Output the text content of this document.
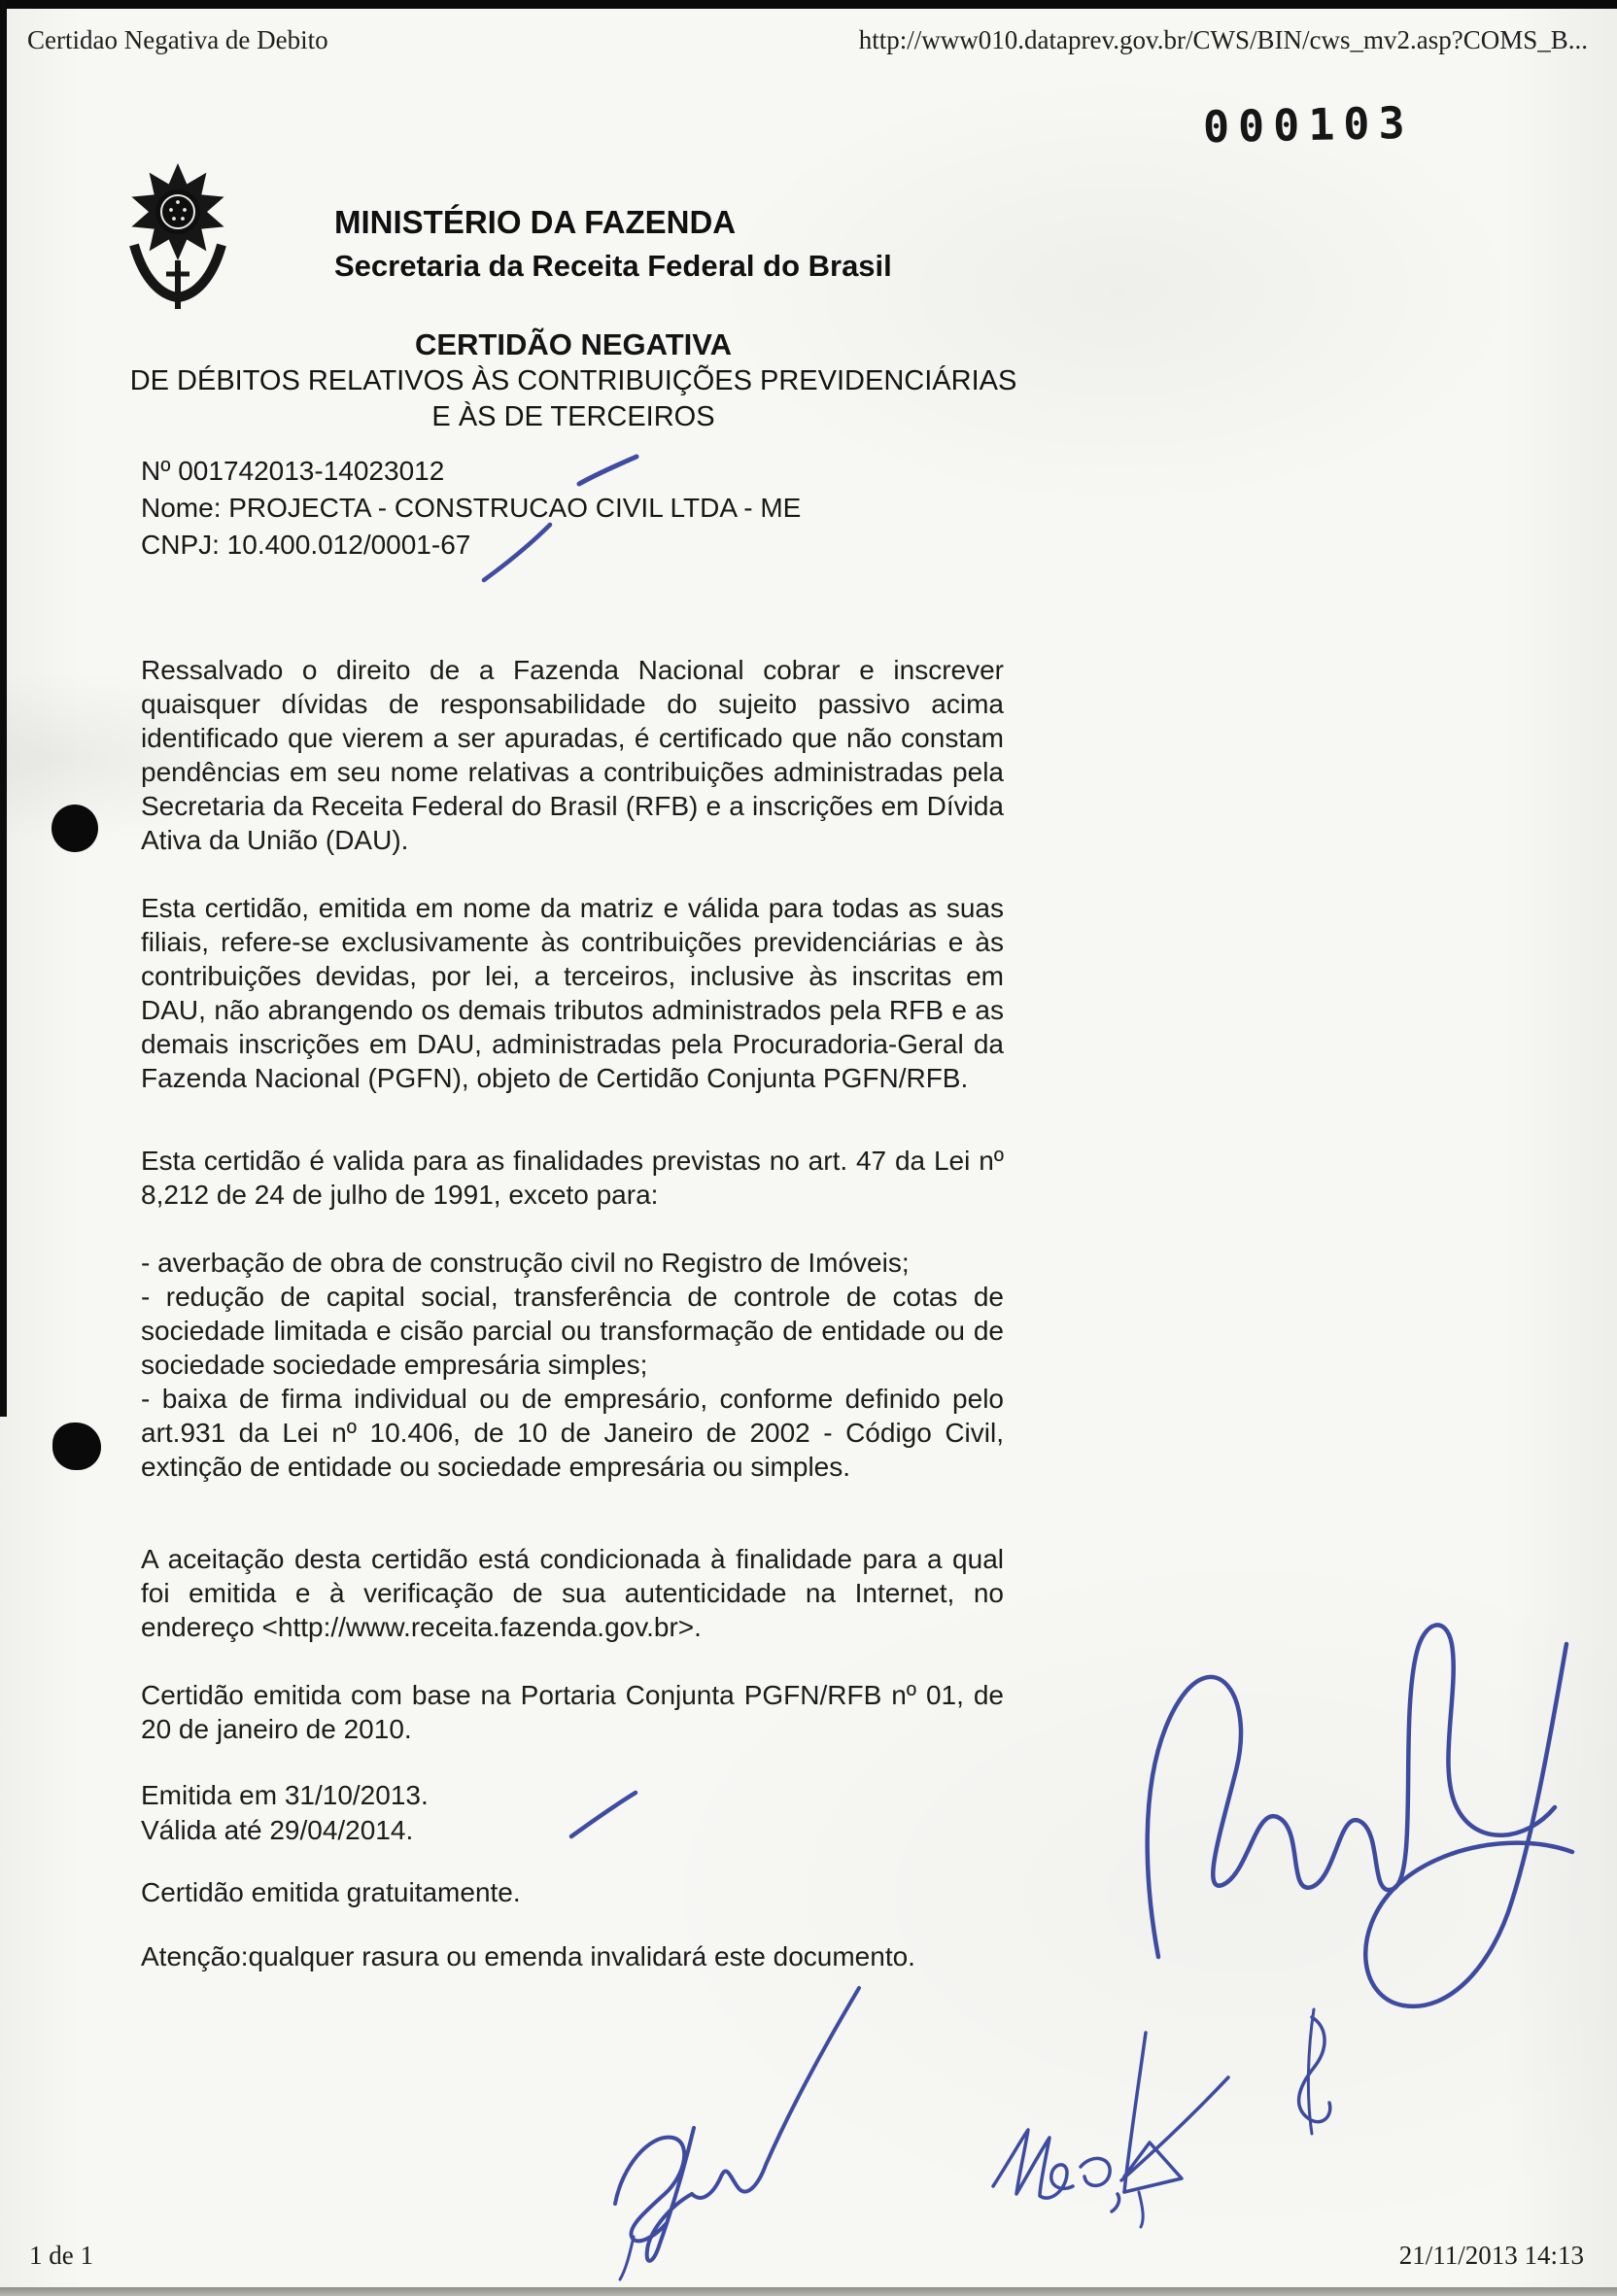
Certidao Negativa de Debito	http://www010.dataprev.gov.br/CWS/BIN/cws_mv2.asp?COMS_B...
000103
MINISTÉRIO DA FAZENDA
Secretaria da Receita Federal do Brasil
CERTIDÃO NEGATIVA
DE DÉBITOS RELATIVOS ÀS CONTRIBUIÇÕES PREVIDENCIÁRIAS
E ÀS DE TERCEIROS
Nº 001742013-14023012
Nome: PROJECTA - CONSTRUCAO CIVIL LTDA - ME
CNPJ: 10.400.012/0001-67
Ressalvado o direito de a Fazenda Nacional cobrar e inscrever quaisquer dívidas de responsabilidade do sujeito passivo acima identificado que vierem a ser apuradas, é certificado que não constam pendências em seu nome relativas a contribuições administradas pela Secretaria da Receita Federal do Brasil (RFB) e a inscrições em Dívida Ativa da União (DAU).
Esta certidão, emitida em nome da matriz e válida para todas as suas filiais, refere-se exclusivamente às contribuições previdenciárias e às contribuições devidas, por lei, a terceiros, inclusive às inscritas em DAU, não abrangendo os demais tributos administrados pela RFB e as demais inscrições em DAU, administradas pela Procuradoria-Geral da Fazenda Nacional (PGFN), objeto de Certidão Conjunta PGFN/RFB.
Esta certidão é valida para as finalidades previstas no art. 47 da Lei nº 8,212 de 24 de julho de 1991, exceto para:
- averbação de obra de construção civil no Registro de Imóveis;
- redução de capital social, transferência de controle de cotas de sociedade limitada e cisão parcial ou transformação de entidade ou de sociedade sociedade empresária simples;
- baixa de firma individual ou de empresário, conforme definido pelo art.931 da Lei nº 10.406, de 10 de Janeiro de 2002 - Código Civil, extinção de entidade ou sociedade empresária ou simples.
A aceitação desta certidão está condicionada à finalidade para a qual foi emitida e à verificação de sua autenticidade na Internet, no endereço <http://www.receita.fazenda.gov.br>.
Certidão emitida com base na Portaria Conjunta PGFN/RFB nº 01, de 20 de janeiro de 2010.
Emitida em 31/10/2013.
Válida até 29/04/2014.
Certidão emitida gratuitamente.
Atenção:qualquer rasura ou emenda invalidará este documento.
1 de 1	21/11/2013 14:13
